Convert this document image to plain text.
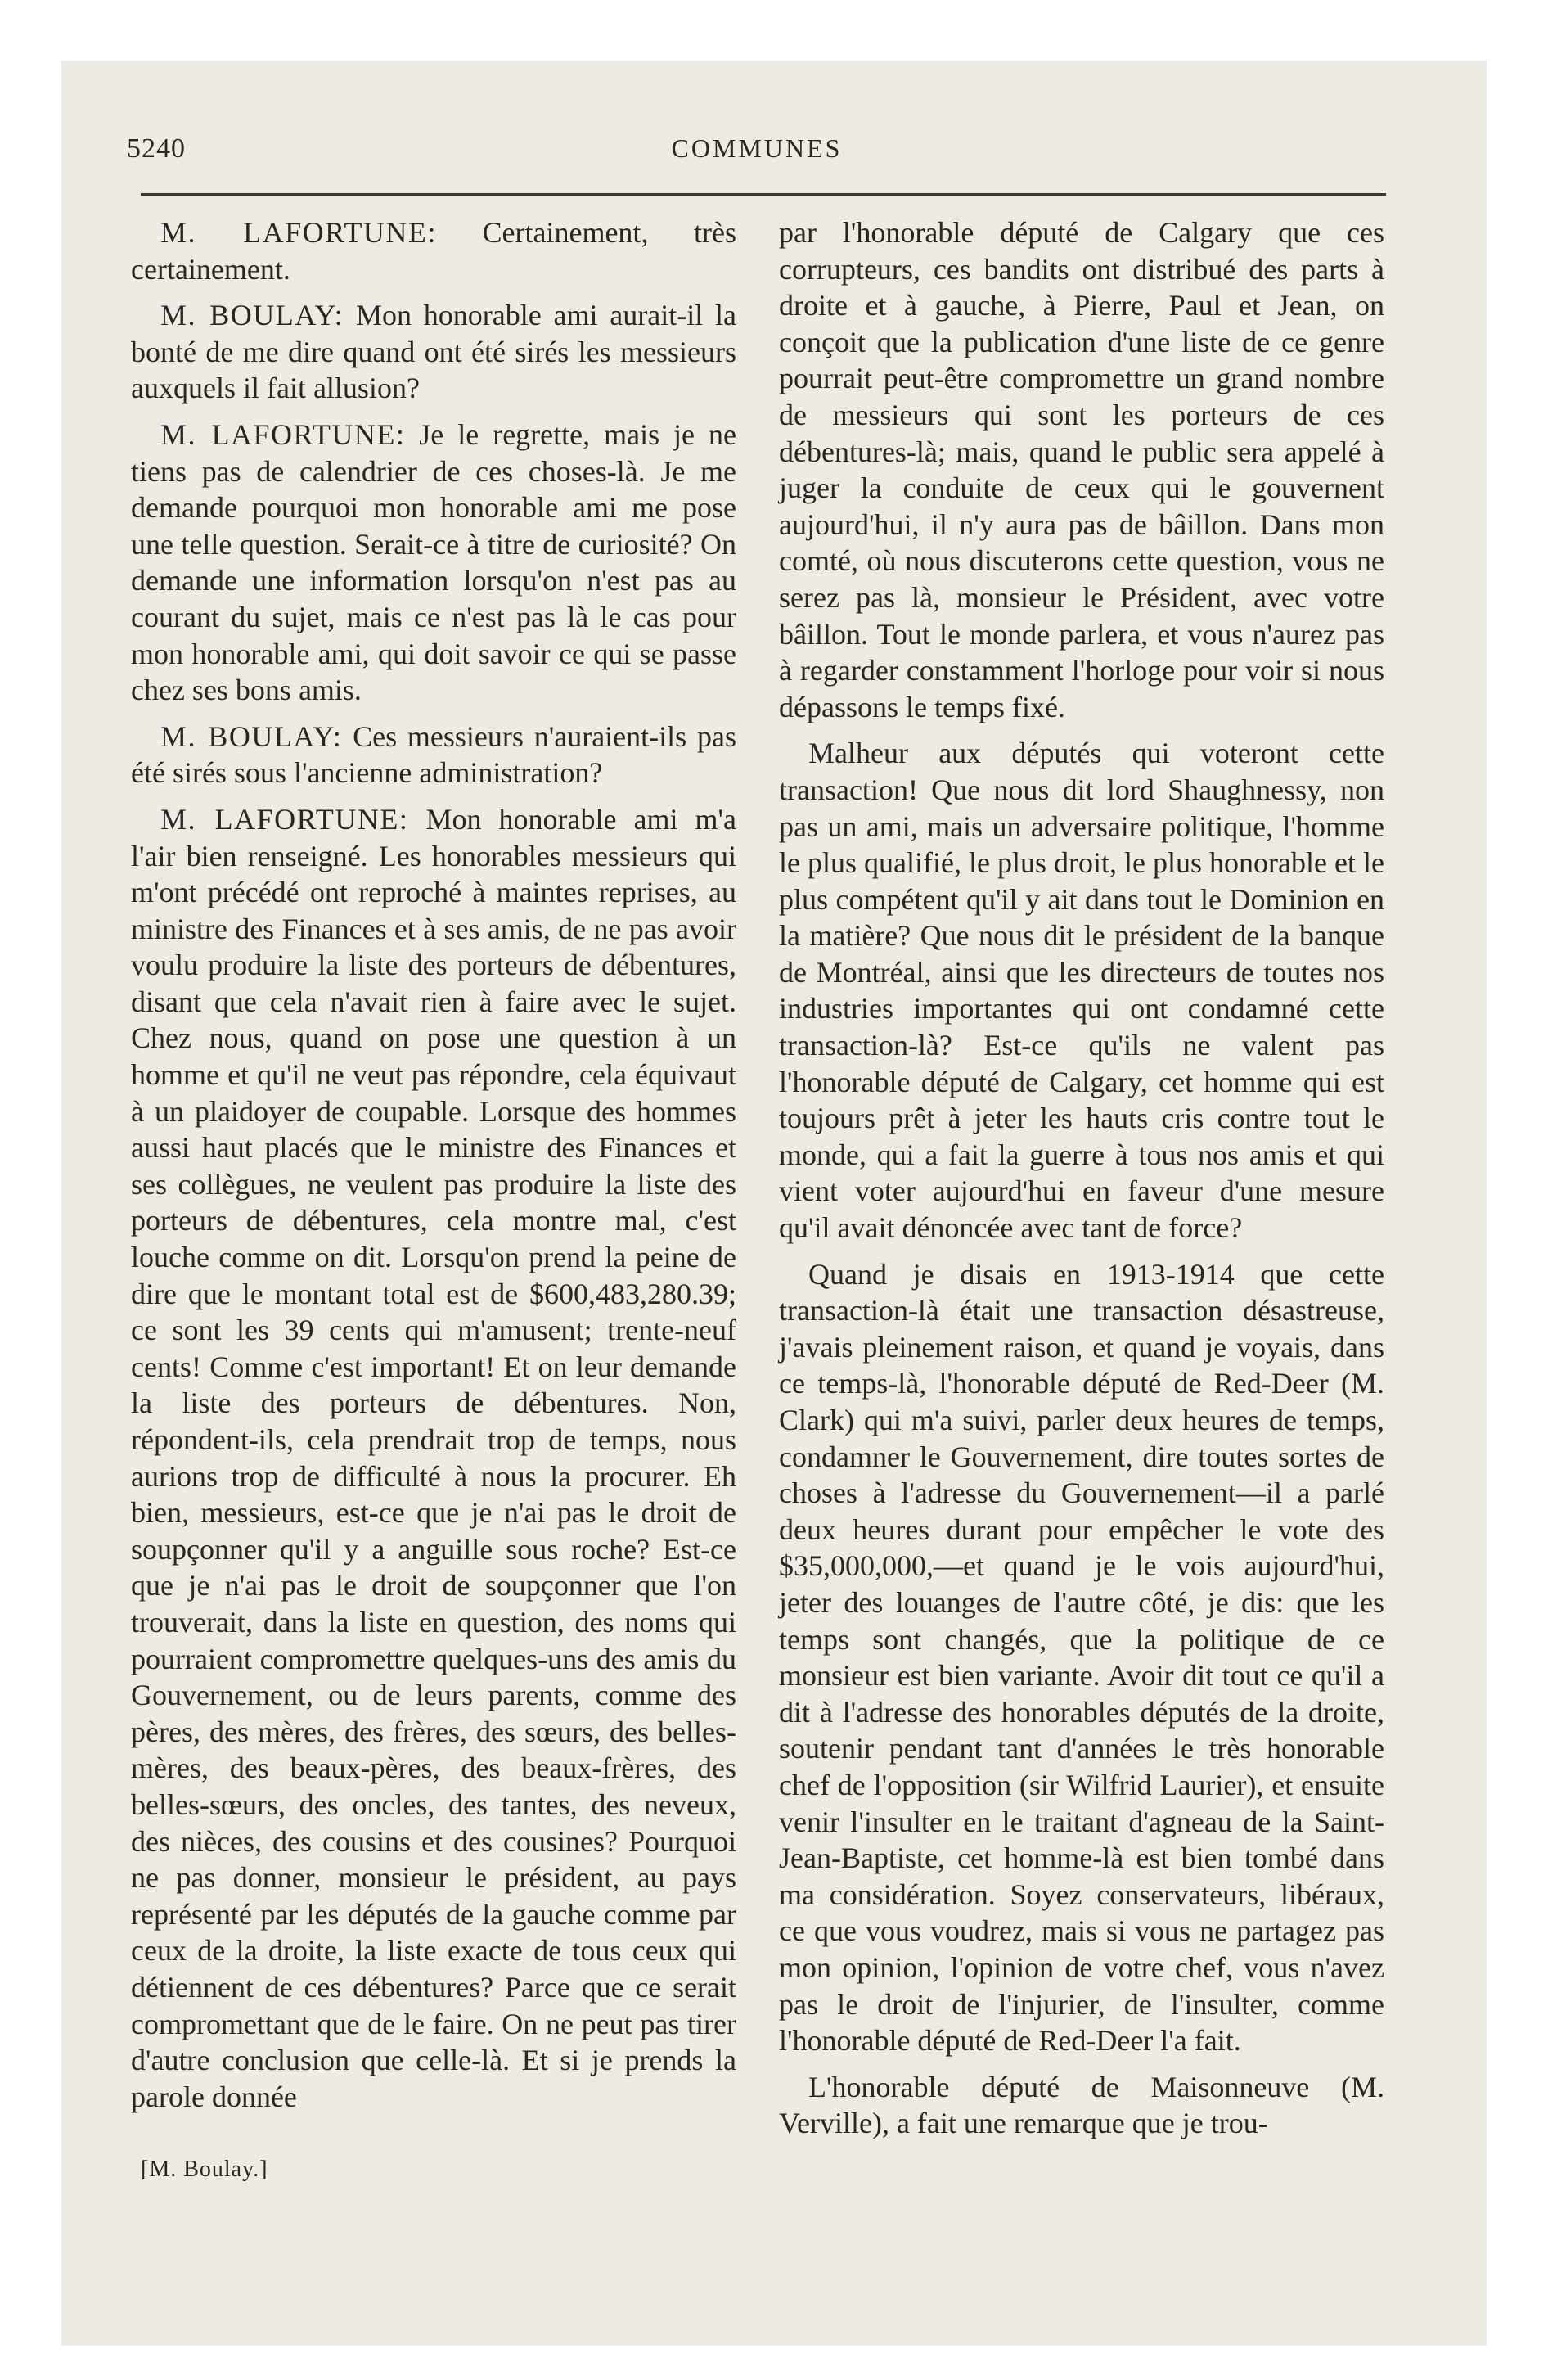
5240	COMMUNES

M. LAFORTUNE: Certainement, très certainement.

M. BOULAY: Mon honorable ami aurait-il la bonté de me dire quand ont été sirés les messieurs auxquels il fait allusion?

M. LAFORTUNE: Je le regrette, mais je ne tiens pas de calendrier de ces choses-là. Je me demande pourquoi mon honorable ami me pose une telle question. Serait-ce à titre de curiosité? On demande une information lorsqu'on n'est pas au courant du sujet, mais ce n'est pas là le cas pour mon honorable ami, qui doit savoir ce qui se passe chez ses bons amis.

M. BOULAY: Ces messieurs n'auraient-ils pas été sirés sous l'ancienne administration?

M. LAFORTUNE: Mon honorable ami m'a l'air bien renseigné. Les honorables messieurs qui m'ont précédé ont reproché à maintes reprises, au ministre des Finances et à ses amis, de ne pas avoir voulu produire la liste des porteurs de débentures, disant que cela n'avait rien à faire avec le sujet. Chez nous, quand on pose une question à un homme et qu'il ne veut pas répondre, cela équivaut à un plaidoyer de coupable. Lorsque des hommes aussi haut placés que le ministre des Finances et ses collègues, ne veulent pas produire la liste des porteurs de débentures, cela montre mal, c'est louche comme on dit. Lorsqu'on prend la peine de dire que le montant total est de $600,483,280.39; ce sont les 39 cents qui m'amusent; trente-neuf cents! Comme c'est important! Et on leur demande la liste des porteurs de débentures. Non, répondent-ils, cela prendrait trop de temps, nous aurions trop de difficulté à nous la procurer. Eh bien, messieurs, est-ce que je n'ai pas le droit de soupçonner qu'il y a anguille sous roche? Est-ce que je n'ai pas le droit de soupçonner que l'on trouverait, dans la liste en question, des noms qui pourraient compromettre quelques-uns des amis du Gouvernement, ou de leurs parents, comme des pères, des mères, des frères, des sœurs, des belles-mères, des beaux-pères, des beaux-frères, des belles-sœurs, des oncles, des tantes, des neveux, des nièces, des cousins et des cousines? Pourquoi ne pas donner, monsieur le président, au pays représenté par les députés de la gauche comme par ceux de la droite, la liste exacte de tous ceux qui détiennent de ces débentures? Parce que ce serait compromettant que de le faire. On ne peut pas tirer d'autre conclusion que celle-là. Et si je prends la parole donnée

par l'honorable député de Calgary que ces corrupteurs, ces bandits ont distribué des parts à droite et à gauche, à Pierre, Paul et Jean, on conçoit que la publication d'une liste de ce genre pourrait peut-être compromettre un grand nombre de messieurs qui sont les porteurs de ces débentures-là; mais, quand le public sera appelé à juger la conduite de ceux qui le gouvernent aujourd'hui, il n'y aura pas de bâillon. Dans mon comté, où nous discuterons cette question, vous ne serez pas là, monsieur le Président, avec votre bâillon. Tout le monde parlera, et vous n'aurez pas à regarder constamment l'horloge pour voir si nous dépassons le temps fixé.

Malheur aux députés qui voteront cette transaction! Que nous dit lord Shaughnessy, non pas un ami, mais un adversaire politique, l'homme le plus qualifié, le plus droit, le plus honorable et le plus compétent qu'il y ait dans tout le Dominion en la matière? Que nous dit le président de la banque de Montréal, ainsi que les directeurs de toutes nos industries importantes qui ont condamné cette transaction-là? Est-ce qu'ils ne valent pas l'honorable député de Calgary, cet homme qui est toujours prêt à jeter les hauts cris contre tout le monde, qui a fait la guerre à tous nos amis et qui vient voter aujourd'hui en faveur d'une mesure qu'il avait dénoncée avec tant de force?

Quand je disais en 1913-1914 que cette transaction-là était une transaction désastreuse, j'avais pleinement raison, et quand je voyais, dans ce temps-là, l'honorable député de Red-Deer (M. Clark) qui m'a suivi, parler deux heures de temps, condamner le Gouvernement, dire toutes sortes de choses à l'adresse du Gouvernement—il a parlé deux heures durant pour empêcher le vote des $35,000,000,—et quand je le vois aujourd'hui, jeter des louanges de l'autre côté, je dis: que les temps sont changés, que la politique de ce monsieur est bien variante. Avoir dit tout ce qu'il a dit à l'adresse des honorables députés de la droite, soutenir pendant tant d'années le très honorable chef de l'opposition (sir Wilfrid Laurier), et ensuite venir l'insulter en le traitant d'agneau de la Saint-Jean-Baptiste, cet homme-là est bien tombé dans ma considération. Soyez conservateurs, libéraux, ce que vous voudrez, mais si vous ne partagez pas mon opinion, l'opinion de votre chef, vous n'avez pas le droit de l'injurier, de l'insulter, comme l'honorable député de Red-Deer l'a fait.

L'honorable député de Maisonneuve (M. Verville), a fait une remarque que je trou-

[M. Boulay.]
